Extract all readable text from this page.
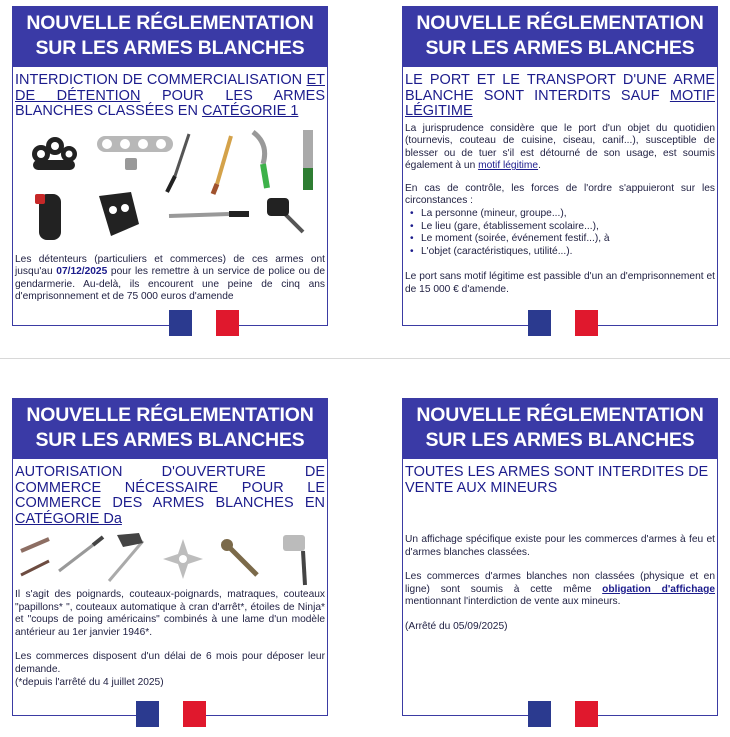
NOUVELLE RÉGLEMENTATION
SUR LES ARMES BLANCHES
INTERDICTION DE COMMERCIALISATION ET DE DÉTENTION POUR LES ARMES BLANCHES CLASSÉES EN CATÉGORIE 1
Les détenteurs (particuliers et commerces) de ces armes ont jusqu'au 07/12/2025 pour les remettre à un service de police ou de gendarmerie. Au-delà, ils encourent une peine de cinq ans d'emprisonnement et de 75 000 euros d'amende
NOUVELLE RÉGLEMENTATION
SUR LES ARMES BLANCHES
LE PORT ET LE TRANSPORT D'UNE ARME BLANCHE SONT INTERDITS SAUF MOTIF LÉGITIME

La jurisprudence considère que le port d'un objet du quotidien (tournevis, couteau de cuisine, ciseau, canif...), susceptible de blesser ou de tuer s'il est détourné de son usage, est soumis également à un motif légitime.

En cas de contrôle, les forces de l'ordre s'appuieront sur les circonstances :

• La personne (mineur, groupe...),
• Le lieu (gare, établissement scolaire...),
• Le moment (soirée, événement festif...), à
• L'objet (caractéristiques, utilité...).

Le port sans motif légitime est passible d'un an d'emprisonnement et de 15 000 € d'amende.

NOUVELLE RÉGLEMENTATION
SUR LES ARMES BLANCHES
AUTORISATION D'OUVERTURE DE COMMERCE NÉCESSAIRE POUR LE COMMERCE DES ARMES BLANCHES EN CATÉGORIE Da

Il s'agit des poignards, couteaux-poignards, matraques, couteaux "papillons* ", couteaux automatique à cran d'arrêt*, étoiles de Ninja* et "coups de poing américains" combinés à une lame d'un modèle antérieur au 1er janvier 1946*.

Les commerces disposent d'un délai de 6 mois pour déposer leur demande.

(*depuis l'arrêté du 4 juillet 2025)

NOUVELLE RÉGLEMENTATION
SUR LES ARMES BLANCHES
TOUTES LES ARMES SONT INTERDITES DE VENTE AUX MINEURS

Un affichage spécifique existe pour les commerces d'armes à feu et d'armes blanches classées.

Les commerces d'armes blanches non classées (physique et en ligne) sont soumis à cette même obligation d'affichage mentionnant l'interdiction de vente aux mineurs.

(Arrêté du 05/09/2025)
